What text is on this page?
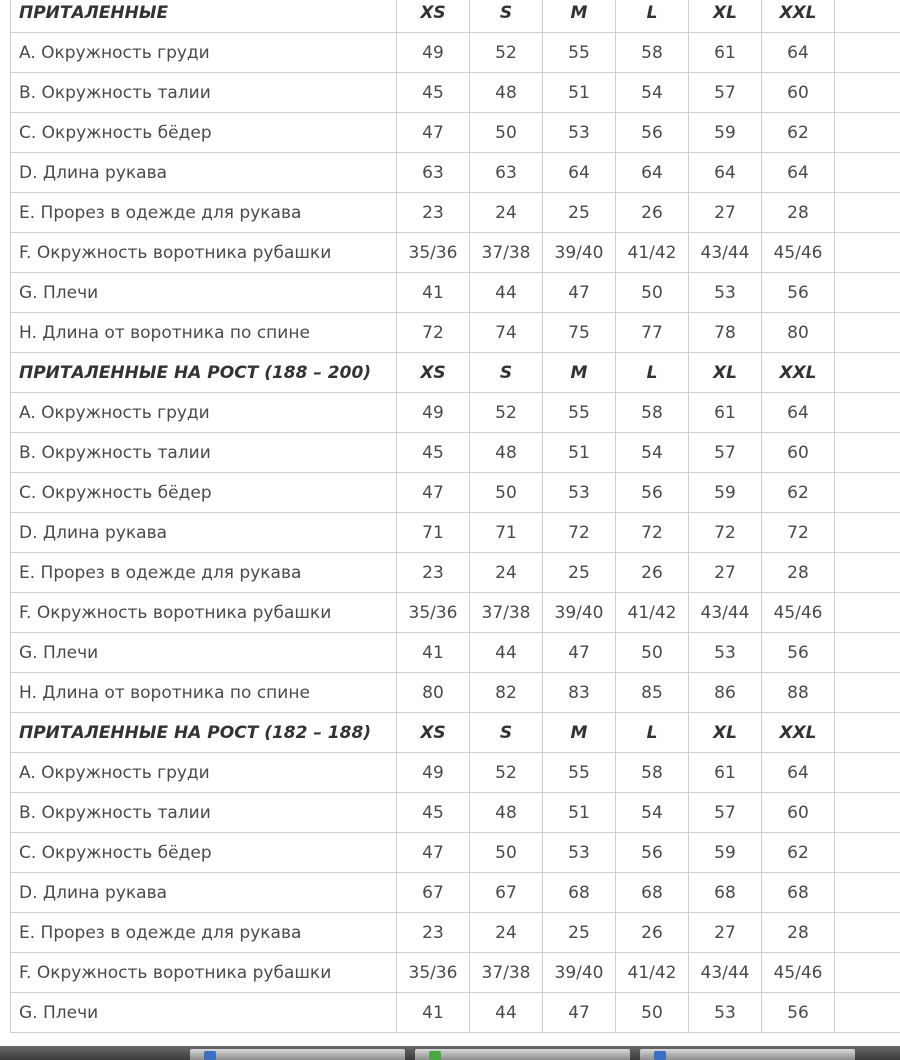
ПРИТАЛЕННЫЕ	XS	S	M	L	XL	XXL	
A. Окружность груди	49	52	55	58	61	64	
B. Окружность талии	45	48	51	54	57	60	
C. Окружность бёдер	47	50	53	56	59	62	
D. Длина рукава	63	63	64	64	64	64	
E. Прорез в одежде для рукава	23	24	25	26	27	28	
F. Окружность воротника рубашки	35/36	37/38	39/40	41/42	43/44	45/46	
G. Плечи	41	44	47	50	53	56	
H. Длина от воротника по спине	72	74	75	77	78	80	
ПРИТАЛЕННЫЕ НА РОСТ (188 – 200)	XS	S	M	L	XL	XXL	
A. Окружность груди	49	52	55	58	61	64	
B. Окружность талии	45	48	51	54	57	60	
C. Окружность бёдер	47	50	53	56	59	62	
D. Длина рукава	71	71	72	72	72	72	
E. Прорез в одежде для рукава	23	24	25	26	27	28	
F. Окружность воротника рубашки	35/36	37/38	39/40	41/42	43/44	45/46	
G. Плечи	41	44	47	50	53	56	
H. Длина от воротника по спине	80	82	83	85	86	88	
ПРИТАЛЕННЫЕ НА РОСТ (182 – 188)	XS	S	M	L	XL	XXL	
A. Окружность груди	49	52	55	58	61	64	
B. Окружность талии	45	48	51	54	57	60	
C. Окружность бёдер	47	50	53	56	59	62	
D. Длина рукава	67	67	68	68	68	68	
E. Прорез в одежде для рукава	23	24	25	26	27	28	
F. Окружность воротника рубашки	35/36	37/38	39/40	41/42	43/44	45/46	
G. Плечи	41	44	47	50	53	56	
